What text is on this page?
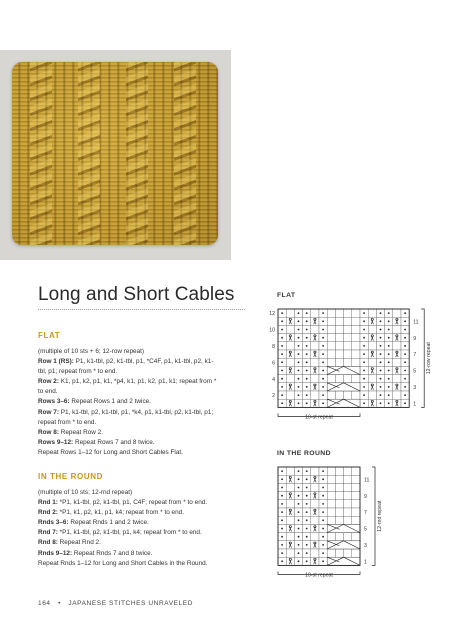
Long and Short Cables
FLAT

(multiple of 10 sts + 6; 12-row repeat)

Row 1 (RS): P1, k1-tbl, p2, k1-tbl, p1, *C4F, p1, k1-tbl, p2, k1-

tbl, p1; repeat from * to end.

Row 2: K1, p1, k2, p1, k1, *p4, k1, p1, k2, p1, k1; repeat from *

to end.

Rows 3–6: Repeat Rows 1 and 2 twice.

Row 7: P1, k1-tbl, p2, k1-tbl, p1, *k4, p1, k1-tbl, p2, k1-tbl, p1;

repeat from * to end.

Row 8: Repeat Row 2.

Rows 9–12: Repeat Rows 7 and 8 twice.

Repeat Rows 1–12 for Long and Short Cables Flat.

IN THE ROUND

(multiple of 10 sts; 12-rnd repeat)

Rnd 1: *P1, k1-tbl, p2, k1-tbl, p1, C4F; repeat from * to end.

Rnd 2: *P1, k1, p2, k1, p1, k4; repeat from * to end.

Rnds 3–6: Repeat Rnds 1 and 2 twice.

Rnd 7: *P1, k1-tbl, p2, k1-tbl, p1, k4; repeat from * to end.

Rnd 8: Repeat Rnd 2.

Rnds 9–12: Repeat Rnds 7 and 8 twice.

Repeat Rnds 1–12 for Long and Short Cables in the Round.

164 • JAPANESE STITCHES UNRAVELED
FLAT
11
9
7
5
3
1
12
10
8
6
4
2
12-row repeat
10-st repeat
IN THE ROUND
11
9
7
5
3
1
12-rnd repeat
10-st repeat
